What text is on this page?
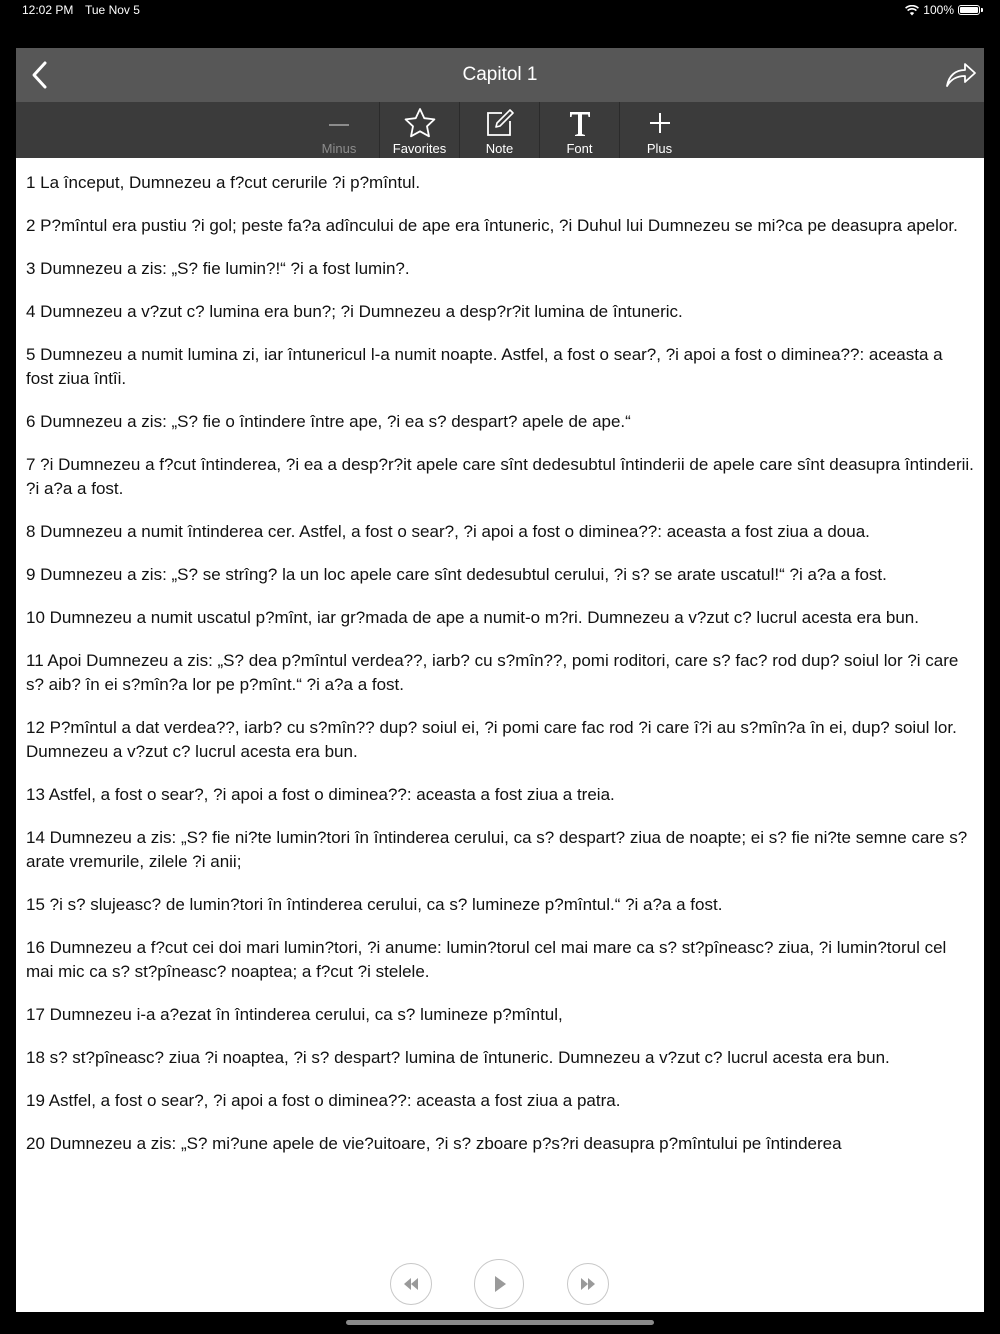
12:02 PM Tue Nov 5	100%
Capitol 1
Minus	Favorites	Note	Font	Plus

1 La început, Dumnezeu a f?cut cerurile ?i p?mîntul.

2 P?mîntul era pustiu ?i gol; peste fa?a adîncului de ape era întuneric, ?i Duhul lui Dumnezeu se mi?ca pe deasupra apelor.

3 Dumnezeu a zis: „S? fie lumin?!“ ?i a fost lumin?.

4 Dumnezeu a v?zut c? lumina era bun?; ?i Dumnezeu a desp?r?it lumina de întuneric.

5 Dumnezeu a numit lumina zi, iar întunericul l-a numit noapte. Astfel, a fost o sear?, ?i apoi a fost o diminea??: aceasta a fost ziua întîi.

6 Dumnezeu a zis: „S? fie o întindere între ape, ?i ea s? despart? apele de ape.“

7 ?i Dumnezeu a f?cut întinderea, ?i ea a desp?r?it apele care sînt dedesubtul întinderii de apele care sînt deasupra întinderii. ?i a?a a fost.

8 Dumnezeu a numit întinderea cer. Astfel, a fost o sear?, ?i apoi a fost o diminea??: aceasta a fost ziua a doua.

9 Dumnezeu a zis: „S? se strîng? la un loc apele care sînt dedesubtul cerului, ?i s? se arate uscatul!“ ?i a?a a fost.

10 Dumnezeu a numit uscatul p?mînt, iar gr?mada de ape a numit-o m?ri. Dumnezeu a v?zut c? lucrul acesta era bun.

11 Apoi Dumnezeu a zis: „S? dea p?mîntul verdea??, iarb? cu s?mîn??, pomi roditori, care s? fac? rod dup? soiul lor ?i care s? aib? în ei s?mîn?a lor pe p?mînt.“ ?i a?a a fost.

12 P?mîntul a dat verdea??, iarb? cu s?mîn?? dup? soiul ei, ?i pomi care fac rod ?i care î?i au s?mîn?a în ei, dup? soiul lor. Dumnezeu a v?zut c? lucrul acesta era bun.

13 Astfel, a fost o sear?, ?i apoi a fost o diminea??: aceasta a fost ziua a treia.

14 Dumnezeu a zis: „S? fie ni?te lumin?tori în întinderea cerului, ca s? despart? ziua de noapte; ei s? fie ni?te semne care s? arate vremurile, zilele ?i anii;

15 ?i s? slujeasc? de lumin?tori în întinderea cerului, ca s? lumineze p?mîntul.“ ?i a?a a fost.

16 Dumnezeu a f?cut cei doi mari lumin?tori, ?i anume: lumin?torul cel mai mare ca s? st?pîneasc? ziua, ?i lumin?torul cel mai mic ca s? st?pîneasc? noaptea; a f?cut ?i stelele.

17 Dumnezeu i-a a?ezat în întinderea cerului, ca s? lumineze p?mîntul,

18 s? st?pîneasc? ziua ?i noaptea, ?i s? despart? lumina de întuneric. Dumnezeu a v?zut c? lucrul acesta era bun.

19 Astfel, a fost o sear?, ?i apoi a fost o diminea??: aceasta a fost ziua a patra.

20 Dumnezeu a zis: „S? mi?une apele de vie?uitoare, ?i s? zboare p?s?ri deasupra p?mîntului pe întinderea
